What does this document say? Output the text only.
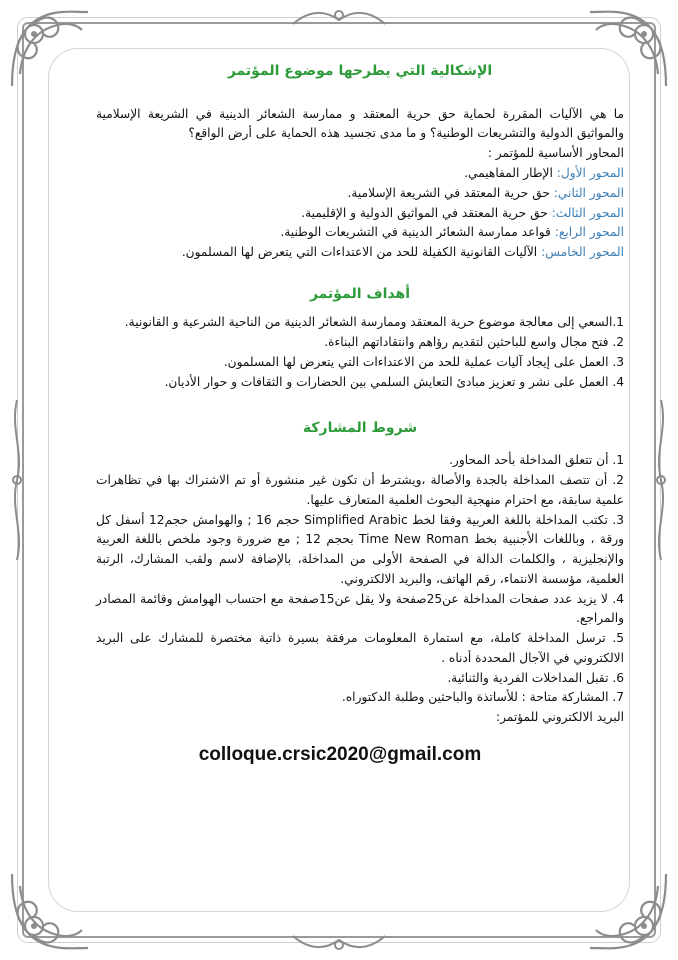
الإشكالية التي يطرحها موضوع المؤتمر

ما هي الآليات المقررة لحماية حق حرية المعتقد و ممارسة الشعائر الدينية في الشريعة الإسلامية والمواثيق الدولية والتشريعات الوطنية؟ و ما مدى تجسيد هذه الحماية على أرض الواقع؟

المحاور الأساسية للمؤتمر :

المحور الأول: الإطار المفاهيمي.

المحور الثاني: حق حرية المعتقد في الشريعة الإسلامية.

المحور الثالث: حق حرية المعتقد في المواثيق الدولية و الإقليمية.

المحور الرابع: قواعد ممارسة الشعائر الدينية في التشريعات الوطنية.

المحور الخامس: الآليات القانونية الكفيلة للحد من الاعتداءات التي يتعرض لها المسلمون.

أهداف المؤتمر

1.السعي إلى معالجة موضوع حرية المعتقد وممارسة الشعائر الدينية من الناحية الشرعية و القانونية.

2. فتح مجال واسع للباحثين لتقديم رؤاهم وانتقاداتهم البناءة.

3. العمل على إيجاد آليات عملية للحد من الاعتداءات التي يتعرض لها المسلمون.

4. العمل على نشر و تعزيز مبادئ التعايش السلمي بين الحضارات و الثقافات و حوار الأديان.

شروط المشاركة

1. أن تتعلق المداخلة بأحد المحاور.

2. أن تتصف المداخلة بالجدة والأصالة ،ويشترط أن تكون غير منشورة أو تم الاشتراك بها في تظاهرات علمية سابقة، مع احترام منهجية البحوث العلمية المتعارف عليها.

3. تكتب المداخلة باللغة العربية وفقا لخط Simplified Arabic حجم 16 ; والهوامش حجم12 أسفل كل ورقة ، وباللغات الأجنبية بخط Time New Roman بحجم 12 ; مع ضرورة وجود ملخص باللغة العربية والإنجليزية ، والكلمات الدالة في الصفحة الأولى من المداخلة، بالإضافة لاسم ولقب المشارك، الرتبة العلمية، مؤسسة الانتماء، رقم الهاتف، والبريد الالكتروني.

4. لا يزيد عدد صفحات المداخلة عن25صفحة ولا يقل عن15صفحة مع احتساب الهوامش وقائمة المصادر والمراجع.

5. ترسل المداخلة كاملة، مع استمارة المعلومات مرفقة بسيرة ذاتية مختصرة للمشارك على البريد الالكتروني في الآجال المحددة أدناه .

6. تقبل المداخلات الفردية والثنائية.

7. المشاركة متاحة : للأساتذة والباحثين وطلبة الدكتوراه.

البريد الالكتروني للمؤتمر:

colloque.crsic2020@gmail.com
